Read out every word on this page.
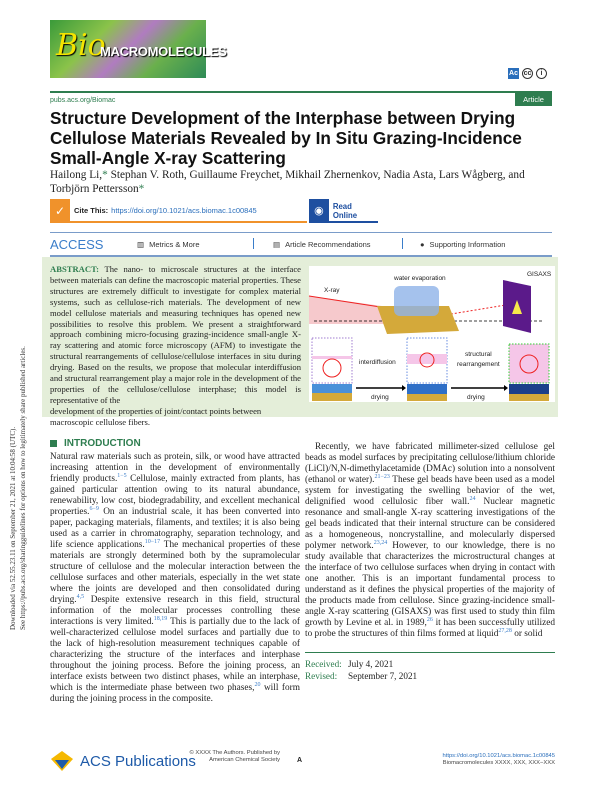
Bio
MACROMOLECULES
Ac cc	i
pubs.acs.org/Biomac	Article
Structure Development of the Interphase between Drying Cellulose Materials Revealed by In Situ Grazing-Incidence Small-Angle X-ray Scattering
Hailong Li,* Stephan V. Roth, Guillaume Freychet, Mikhail Zhernenkov, Nadia Asta, Lars Wågberg, and Torbjörn Pettersson*
✓	Cite This: https://doi.org/10.1021/acs.biomac.1c00845	◉	Read Online
ACCESS	▥ Metrics & More	▤ Article Recommendations	● Supporting Information
water evaporation
X-ray
GISAXS
interdiffusion
structural
rearrangement
drying	drying
ABSTRACT: The nano- to microscale structures at the interface between materials can define the macroscopic material properties. These structures are extremely difficult to investigate for complex material systems, such as cellulose-rich materials. The development of new model cellulose materials and measuring techniques has opened new possibilities to resolve this problem. We present a straightforward approach combining micro-focusing grazing-incidence small-angle X-ray scattering and atomic force microscopy (AFM) to investigate the structural rearrangements of cellulose/cellulose interfaces in situ during drying. Based on the results, we propose that molecular interdiffusion and structural rearrangement play a major role in the development of the properties of the cellulose/cellulose interphase; this model is representative of the
development of the properties of joint/contact points between macroscopic cellulose fibers.
INTRODUCTION

Natural raw materials such as protein, silk, or wood have attracted increasing attention in the development of environmentally friendly products.$^{1-5}$ Cellulose, mainly extracted from plants, has gained particular attention owing to its natural abundance, renewability, low cost, biodegradability, and excellent mechanical properties.$^{6-9}$ On an industrial scale, it has been converted into paper, packaging materials, filaments, and textiles; it is also being used as a carrier in chromatography, separation technology, and life science applications.$^{10-17}$ The mechanical properties of these materials are strongly determined both by the supramolecular structure of cellulose and the molecular interaction between the cellulose surfaces and other materials, especially in the wet state where the joints are developed and then consolidated during drying.$^{4,5}$ Despite extensive research in this field, structural information of the molecular processes controlling these interactions is very limited.$^{18,19}$ This is partially due to the lack of well-characterized cellulose model surfaces and partially due to the lack of high-resolution measurement techniques capable of characterizing the structure of the interfaces and interphase throughout the joining process. Before the joining process, an interface exists between two distinct phases, while an interphase, which is the intermediate phase between two phases,$^{20}$ will form during the joining process in the composite.

Recently, we have fabricated millimeter-sized cellulose gel beads as model surfaces by precipitating cellulose/lithium chloride (LiCl)/N,N-dimethylacetamide (DMAc) solution into a nonsolvent (ethanol or water).$^{21-23}$ These gel beads have been used as a model system for investigating the swelling behavior of the wet, delignified wood cellulosic fiber wall.$^{24}$ Nuclear magnetic resonance and small-angle X-ray scattering investigations of the gel beads indicated that their internal structure can be considered as a homogeneous, noncrystalline, and molecularly dispersed polymer network.$^{23,24}$ However, to our knowledge, there is no study available that characterizes the microstructural changes at the interface of two cellulose surfaces when drying in contact with one another. This is an important fundamental process to understand as it defines the physical properties of the majority of the products made from cellulose. Since grazing-incidence small-angle X-ray scattering (GISAXS) was first used to study thin film growth by Levine et al. in 1989,26 it has been successfully utilized to probe the structures of thin films formed at liquid$^{27,28}$ or solid

Received: July 4, 2021
Revised: September 7, 2021
ACS Publications
© XXXX The Authors. Published by
American Chemical Society A
https://doi.org/10.1021/acs.biomac.1c00845
Biomacromolecules XXXX, XXX, XXX−XXX
Downloaded via 52.55.23.11 on September 21, 2021 at 10:04:58 (UTC). See https://pubs.acs.org/sharingguidelines for options on how to legitimately share published articles.
